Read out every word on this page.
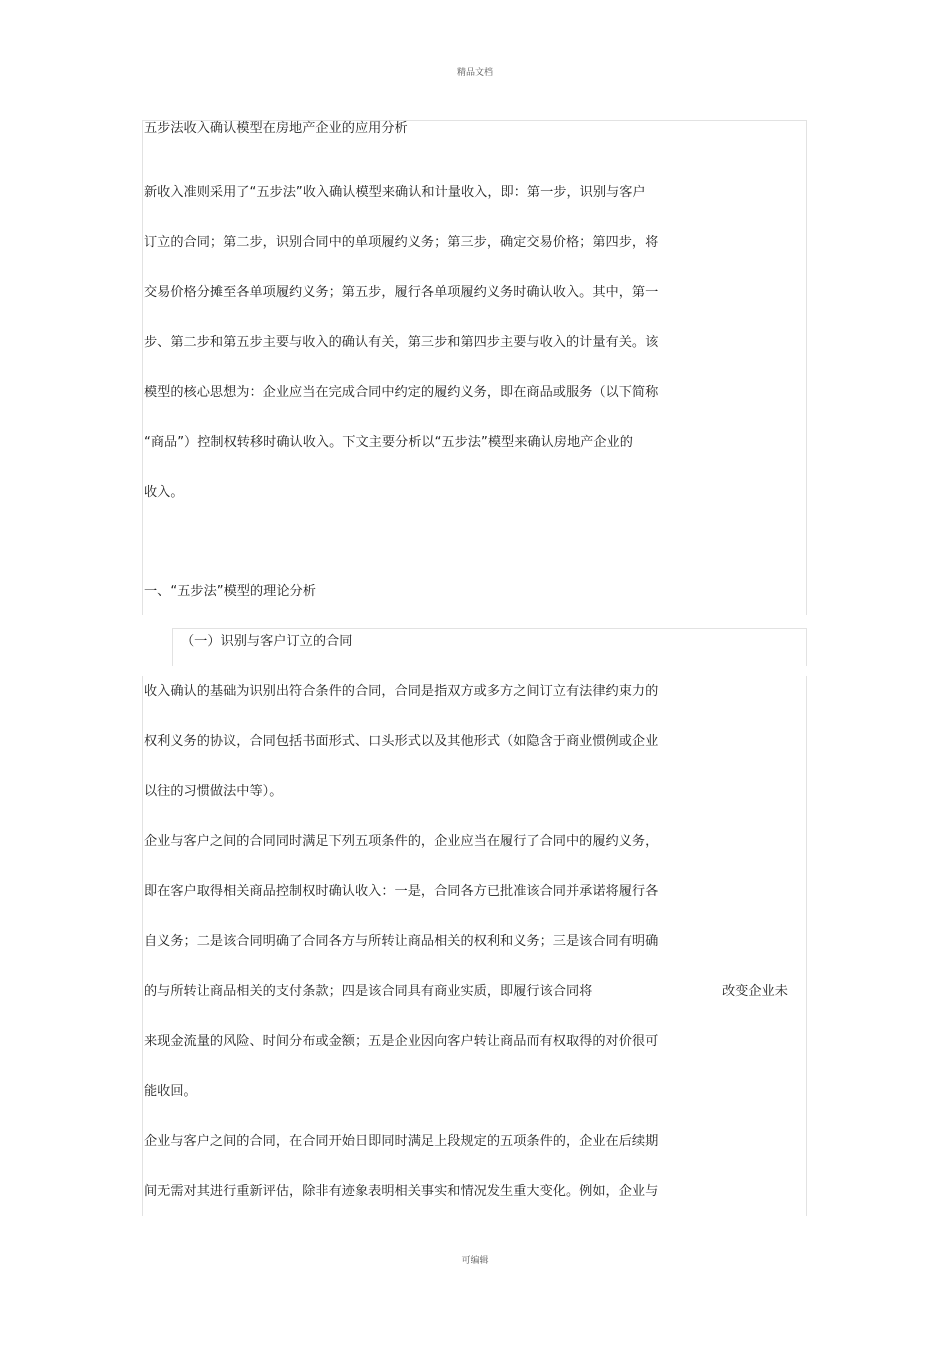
精品文档
可编辑
五步法收入确认模型在房地产企业的应用分析
新收入准则采用了“五步法”收入确认模型来确认和计量收入，即：第一步，识别与客户
订立的合同；第二步，识别合同中的单项履约义务；第三步，确定交易价格；第四步，将
交易价格分摊至各单项履约义务；第五步，履行各单项履约义务时确认收入。其中，第一
步、第二步和第五步主要与收入的确认有关，第三步和第四步主要与收入的计量有关。该
模型的核心思想为：企业应当在完成合同中约定的履约义务，即在商品或服务（以下简称
“商品”）控制权转移时确认收入。下文主要分析以“五步法”模型来确认房地产企业的
收入。
一、“五步法”模型的理论分析
（一）识别与客户订立的合同
收入确认的基础为识别出符合条件的合同，合同是指双方或多方之间订立有法律约束力的
权利义务的协议，合同包括书面形式、口头形式以及其他形式（如隐含于商业惯例或企业
以往的习惯做法中等）。
企业与客户之间的合同同时满足下列五项条件的，企业应当在履行了合同中的履约义务，
即在客户取得相关商品控制权时确认收入：一是，合同各方已批准该合同并承诺将履行各
自义务；二是该合同明确了合同各方与所转让商品相关的权利和义务；三是该合同有明确
的与所转让商品相关的支付条款；四是该合同具有商业实质，即履行该合同将	改变企业未
来现金流量的风险、时间分布或金额；五是企业因向客户转让商品而有权取得的对价很可
能收回。
企业与客户之间的合同，在合同开始日即同时满足上段规定的五项条件的，企业在后续期
间无需对其进行重新评估，除非有迹象表明相关事实和情况发生重大变化。例如，企业与
